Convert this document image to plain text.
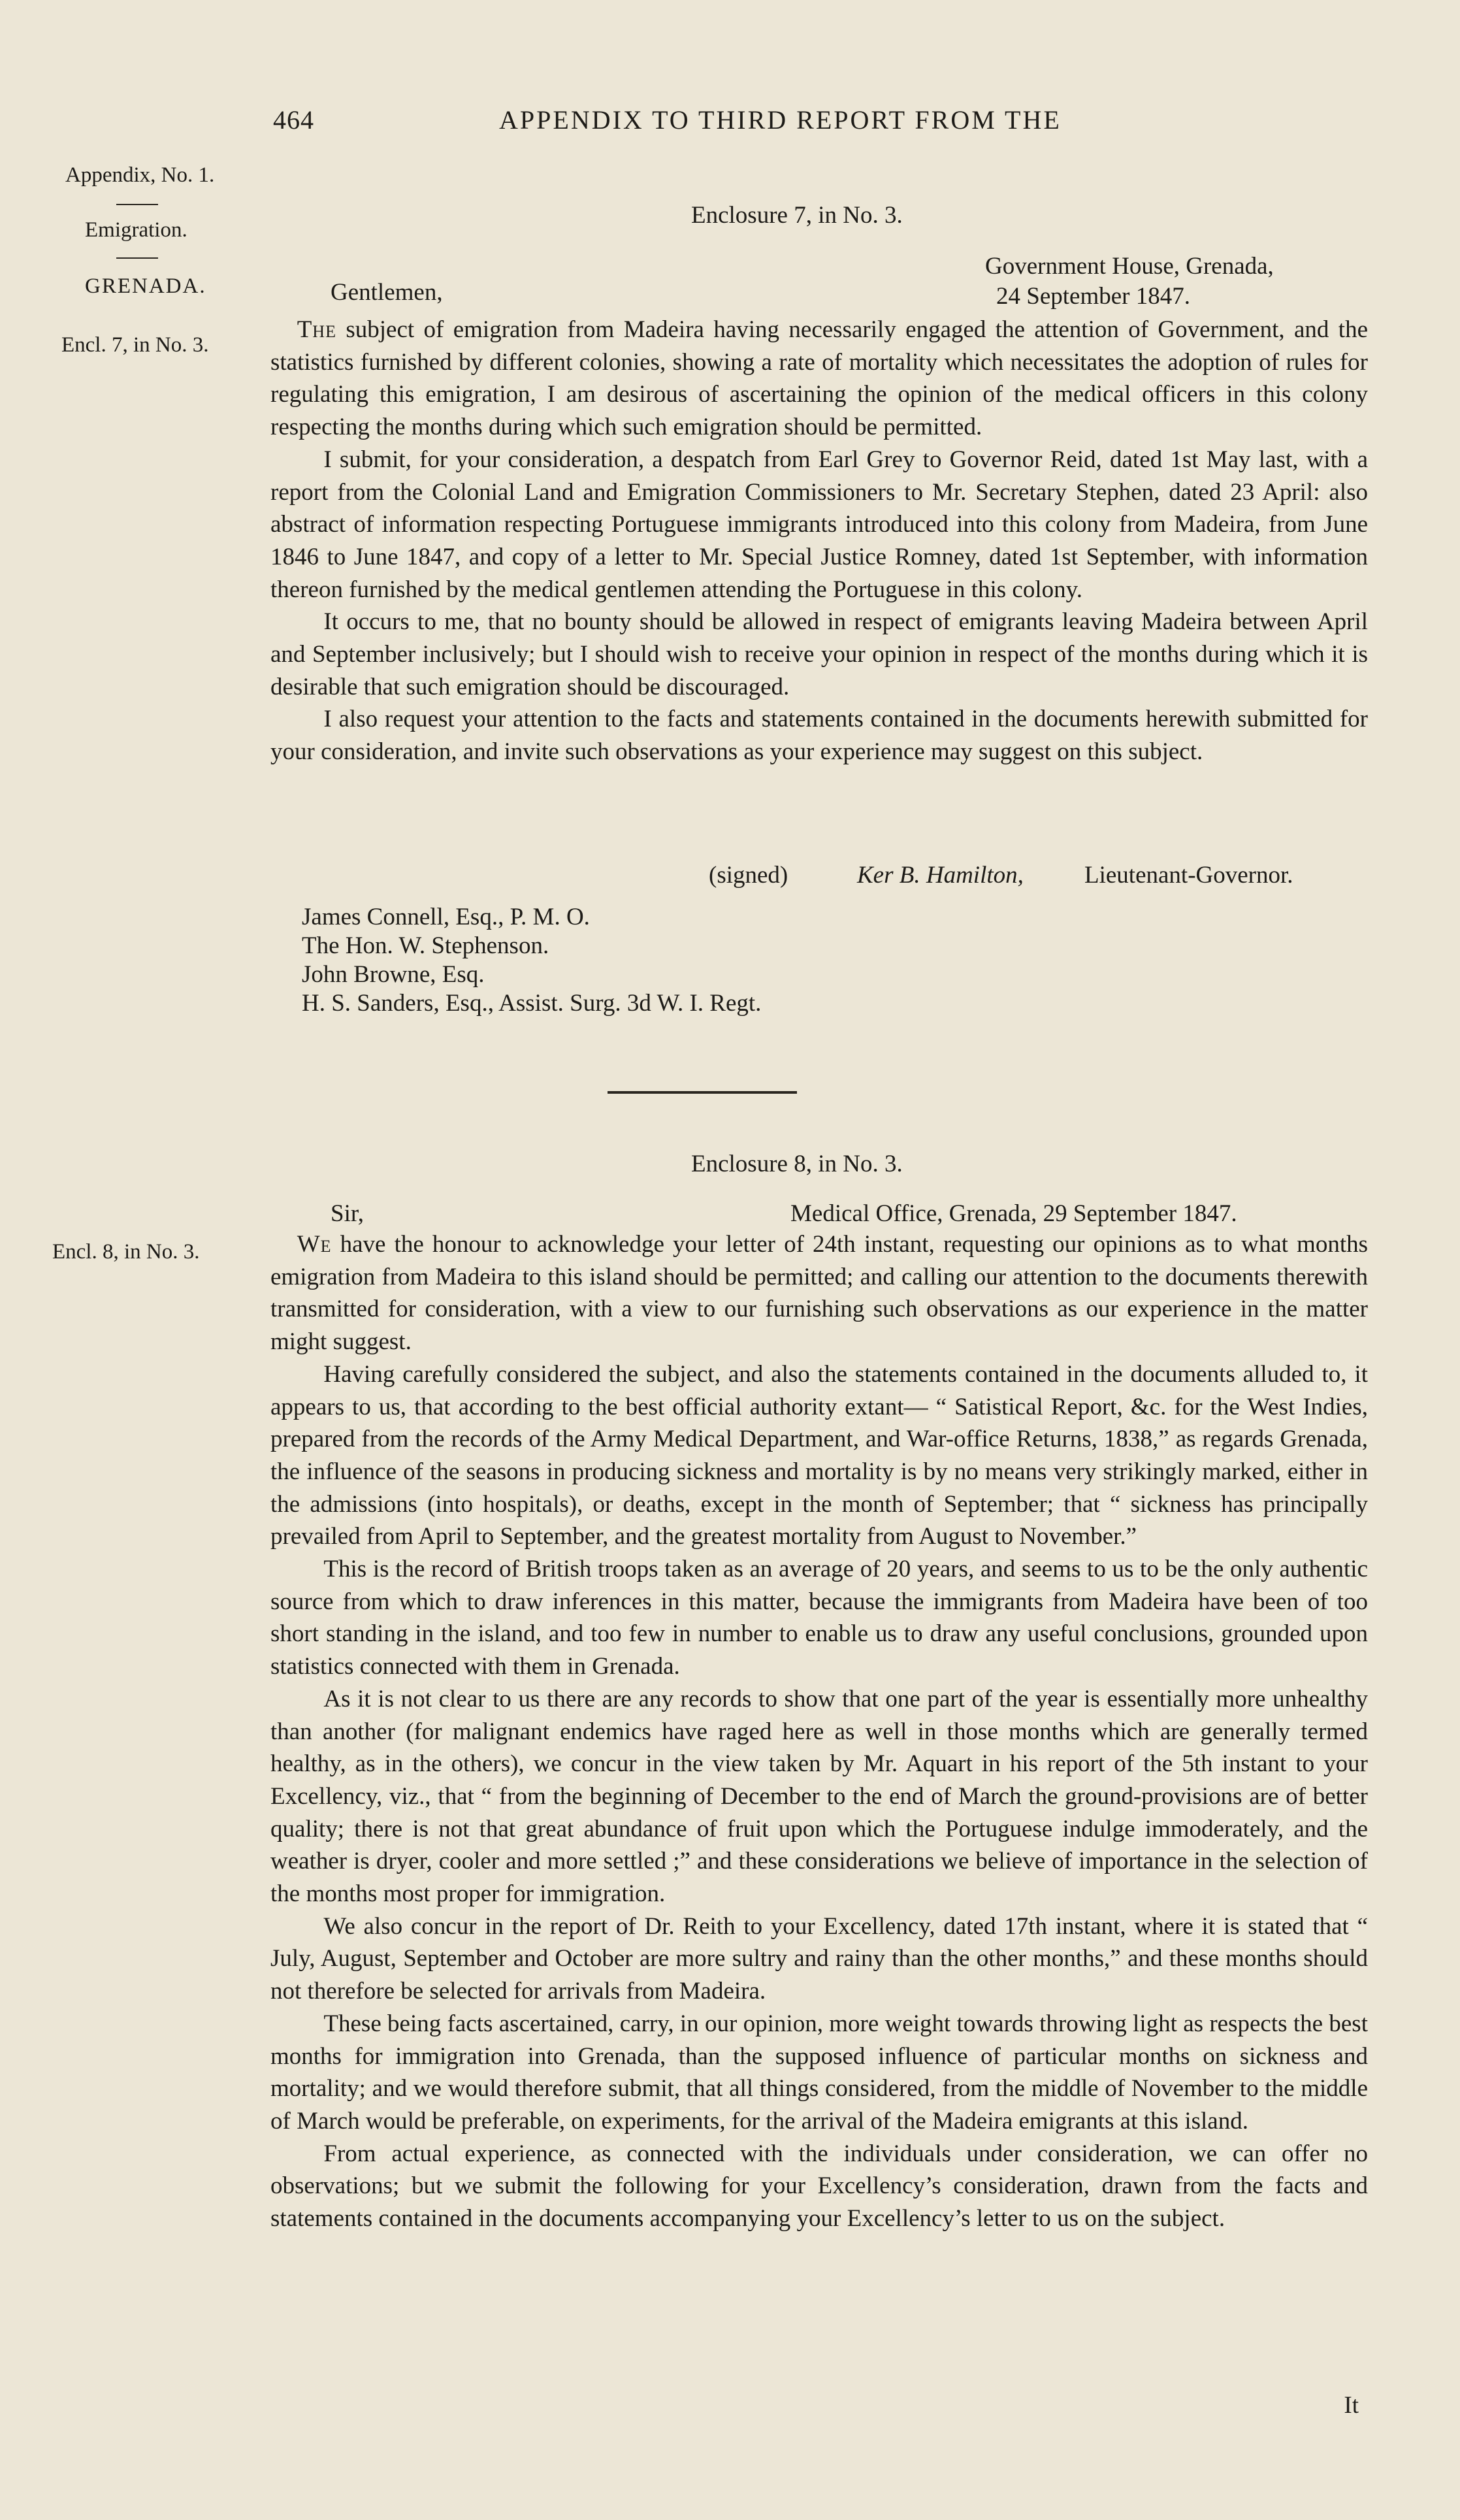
464	APPENDIX TO THIRD REPORT FROM THE
Appendix, No. 1.
Emigration.
GRENADA.
Encl. 7, in No. 3.
Encl. 8, in No. 3.
Enclosure 7, in No. 3.
Government House, Grenada,
24 September 1847.
Gentlemen,

The subject of emigration from Madeira having necessarily engaged the attention of Government, and the statistics furnished by different colonies, showing a rate of mortality which necessitates the adoption of rules for regulating this emigration, I am desirous of ascertaining the opinion of the medical officers in this colony respecting the months during which such emigration should be permitted.

I submit, for your consideration, a despatch from Earl Grey to Governor Reid, dated 1st May last, with a report from the Colonial Land and Emigration Commissioners to Mr. Secretary Stephen, dated 23 April: also abstract of information respecting Portuguese immigrants introduced into this colony from Madeira, from June 1846 to June 1847, and copy of a letter to Mr. Special Justice Romney, dated 1st September, with information thereon furnished by the medical gentlemen attending the Portuguese in this colony.

It occurs to me, that no bounty should be allowed in respect of emigrants leaving Madeira between April and September inclusively; but I should wish to receive your opinion in respect of the months during which it is desirable that such emigration should be discouraged.

I also request your attention to the facts and statements contained in the documents herewith submitted for your consideration, and invite such observations as your experience may suggest on this subject.

(signed)	Ker B. Hamilton,	Lieutenant-Governor.
James Connell, Esq., P. M. O.
The Hon. W. Stephenson.
John Browne, Esq.
H. S. Sanders, Esq., Assist. Surg. 3d W. I. Regt.
Enclosure 8, in No. 3.
Sir,	Medical Office, Grenada, 29 September 1847.

We have the honour to acknowledge your letter of 24th instant, requesting our opinions as to what months emigration from Madeira to this island should be permitted; and calling our attention to the documents therewith transmitted for consideration, with a view to our furnishing such observations as our experience in the matter might suggest.

Having carefully considered the subject, and also the statements contained in the documents alluded to, it appears to us, that according to the best official authority extant— “ Satistical Report, &c. for the West Indies, prepared from the records of the Army Medical Department, and War-office Returns, 1838,” as regards Grenada, the influence of the seasons in producing sickness and mortality is by no means very strikingly marked, either in the admissions (into hospitals), or deaths, except in the month of September; that “ sickness has principally prevailed from April to September, and the greatest mortality from August to November.”

This is the record of British troops taken as an average of 20 years, and seems to us to be the only authentic source from which to draw inferences in this matter, because the immigrants from Madeira have been of too short standing in the island, and too few in number to enable us to draw any useful conclusions, grounded upon statistics connected with them in Grenada.

As it is not clear to us there are any records to show that one part of the year is essentially more unhealthy than another (for malignant endemics have raged here as well in those months which are generally termed healthy, as in the others), we concur in the view taken by Mr. Aquart in his report of the 5th instant to your Excellency, viz., that “ from the beginning of December to the end of March the ground-provisions are of better quality; there is not that great abundance of fruit upon which the Portuguese indulge immoderately, and the weather is dryer, cooler and more settled ;” and these considerations we believe of importance in the selection of the months most proper for immigration.

We also concur in the report of Dr. Reith to your Excellency, dated 17th instant, where it is stated that “ July, August, September and October are more sultry and rainy than the other months,” and these months should not therefore be selected for arrivals from Madeira.

These being facts ascertained, carry, in our opinion, more weight towards throwing light as respects the best months for immigration into Grenada, than the supposed influence of particular months on sickness and mortality; and we would therefore submit, that all things considered, from the middle of November to the middle of March would be preferable, on experiments, for the arrival of the Madeira emigrants at this island.

From actual experience, as connected with the individuals under consideration, we can offer no observations; but we submit the following for your Excellency’s consideration, drawn from the facts and statements contained in the documents accompanying your Excellency’s letter to us on the subject.

It
